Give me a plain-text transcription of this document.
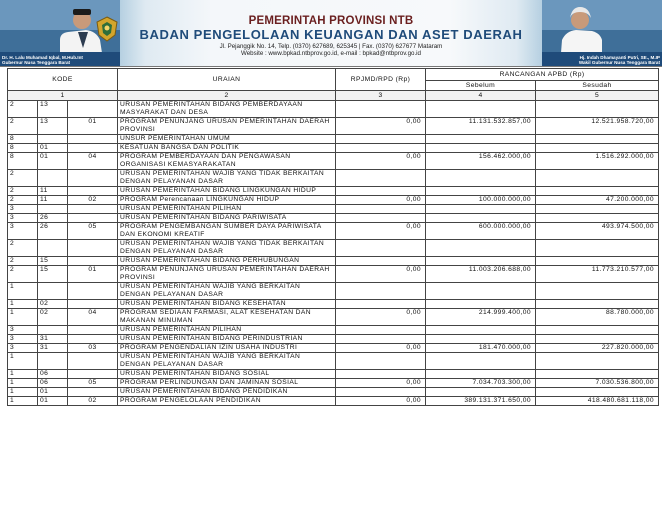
Dr. H. Lalu Muhamad Iqbal, M.Hub.Int
Gubernur Nusa Tenggara Barat
PEMERINTAH PROVINSI NTB
BADAN PENGELOLAAN KEUANGAN DAN ASET DAERAH
Jl. Pejanggik No. 14, Telp. (0370) 627689, 625345 | Fax. (0370) 627677 Mataram
Website : www.bpkad.ntbprov.go.id, e-mail : bpkad@ntbprov.go.id
Hj. Indah Dhamayanti Putri, SE., M.IP
Wakil Gubernur Nusa Tenggara Barat
KODE			URAIAN	RPJMD/RPD (Rp)	RANCANGAN APBD (Rp)	
					Sebelum	Sesudah
1			2	3	4	5
2	13		URUSAN PEMERINTAHAN BIDANG PEMBERDAYAAN MASYARAKAT DAN DESA			
2	13	01	PROGRAM PENUNJANG URUSAN PEMERINTAHAN DAERAH PROVINSI	0,00	11.131.532.857,00	12.521.958.720,00
8			UNSUR PEMERINTAHAN UMUM			
8	01		KESATUAN BANGSA DAN POLITIK			
8	01	04	PROGRAM PEMBERDAYAAN DAN PENGAWASAN ORGANISASI KEMASYARAKATAN	0,00	156.462.000,00	1.516.292.000,00
2			URUSAN PEMERINTAHAN WAJIB YANG TIDAK BERKAITAN DENGAN PELAYANAN DASAR			
2	11		URUSAN PEMERINTAHAN BIDANG LINGKUNGAN HIDUP			
2	11	02	PROGRAM Perencanaan LINGKUNGAN HIDUP	0,00	100.000.000,00	47.200.000,00
3			URUSAN PEMERINTAHAN PILIHAN			
3	26		URUSAN PEMERINTAHAN BIDANG PARIWISATA			
3	26	05	PROGRAM PENGEMBANGAN SUMBER DAYA PARIWISATA DAN EKONOMI KREATIF	0,00	600.000.000,00	493.974.500,00
2			URUSAN PEMERINTAHAN WAJIB YANG TIDAK BERKAITAN DENGAN PELAYANAN DASAR			
2	15		URUSAN PEMERINTAHAN BIDANG PERHUBUNGAN			
2	15	01	PROGRAM PENUNJANG URUSAN PEMERINTAHAN DAERAH PROVINSI	0,00	11.003.206.688,00	11.773.210.577,00
1			URUSAN PEMERINTAHAN WAJIB YANG BERKAITAN DENGAN PELAYANAN DASAR			
1	02		URUSAN PEMERINTAHAN BIDANG KESEHATAN			
1	02	04	PROGRAM SEDIAAN FARMASI, ALAT KESEHATAN DAN MAKANAN MINUMAN	0,00	214.999.400,00	88.780.000,00
3			URUSAN PEMERINTAHAN PILIHAN			
3	31		URUSAN PEMERINTAHAN BIDANG PERINDUSTRIAN			
3	31	03	PROGRAM PENGENDALIAN IZIN USAHA INDUSTRI	0,00	181.470.000,00	227.820.000,00
1			URUSAN PEMERINTAHAN WAJIB YANG BERKAITAN DENGAN PELAYANAN DASAR			
1	06		URUSAN PEMERINTAHAN BIDANG SOSIAL			
1	06	05	PROGRAM PERLINDUNGAN DAN JAMINAN SOSIAL	0,00	7.034.703.300,00	7.030.536.800,00
1	01		URUSAN PEMERINTAHAN BIDANG PENDIDIKAN			
1	01	02	PROGRAM PENGELOLAAN PENDIDIKAN	0,00	389.131.371.650,00	418.480.681.118,00
